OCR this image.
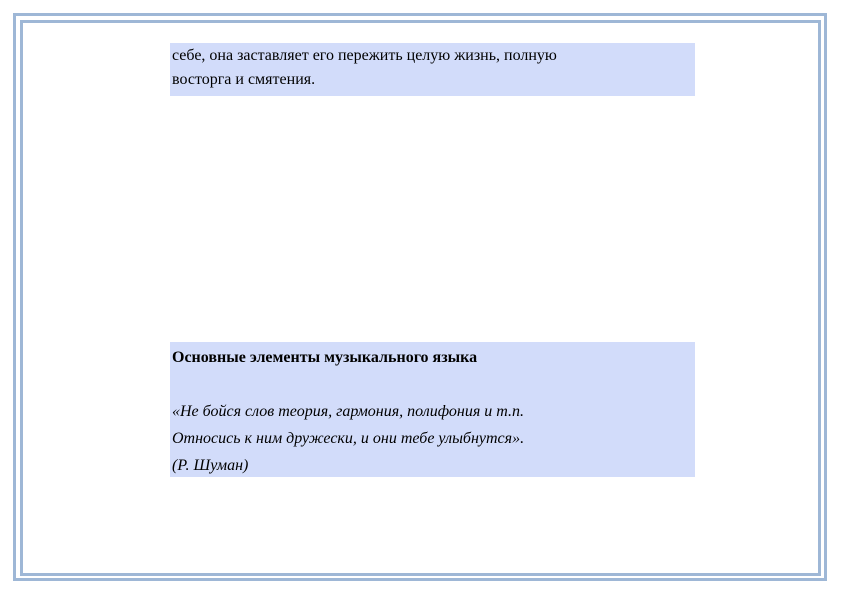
себе, она заставляет его пережить целую жизнь, полную
восторга и смятения.

Основные элементы музыкального языка

«Не бойся слов теория, гармония, полифония и т.п.
Относись к ним дружески, и они тебе улыбнутся».
(Р. Шуман)
